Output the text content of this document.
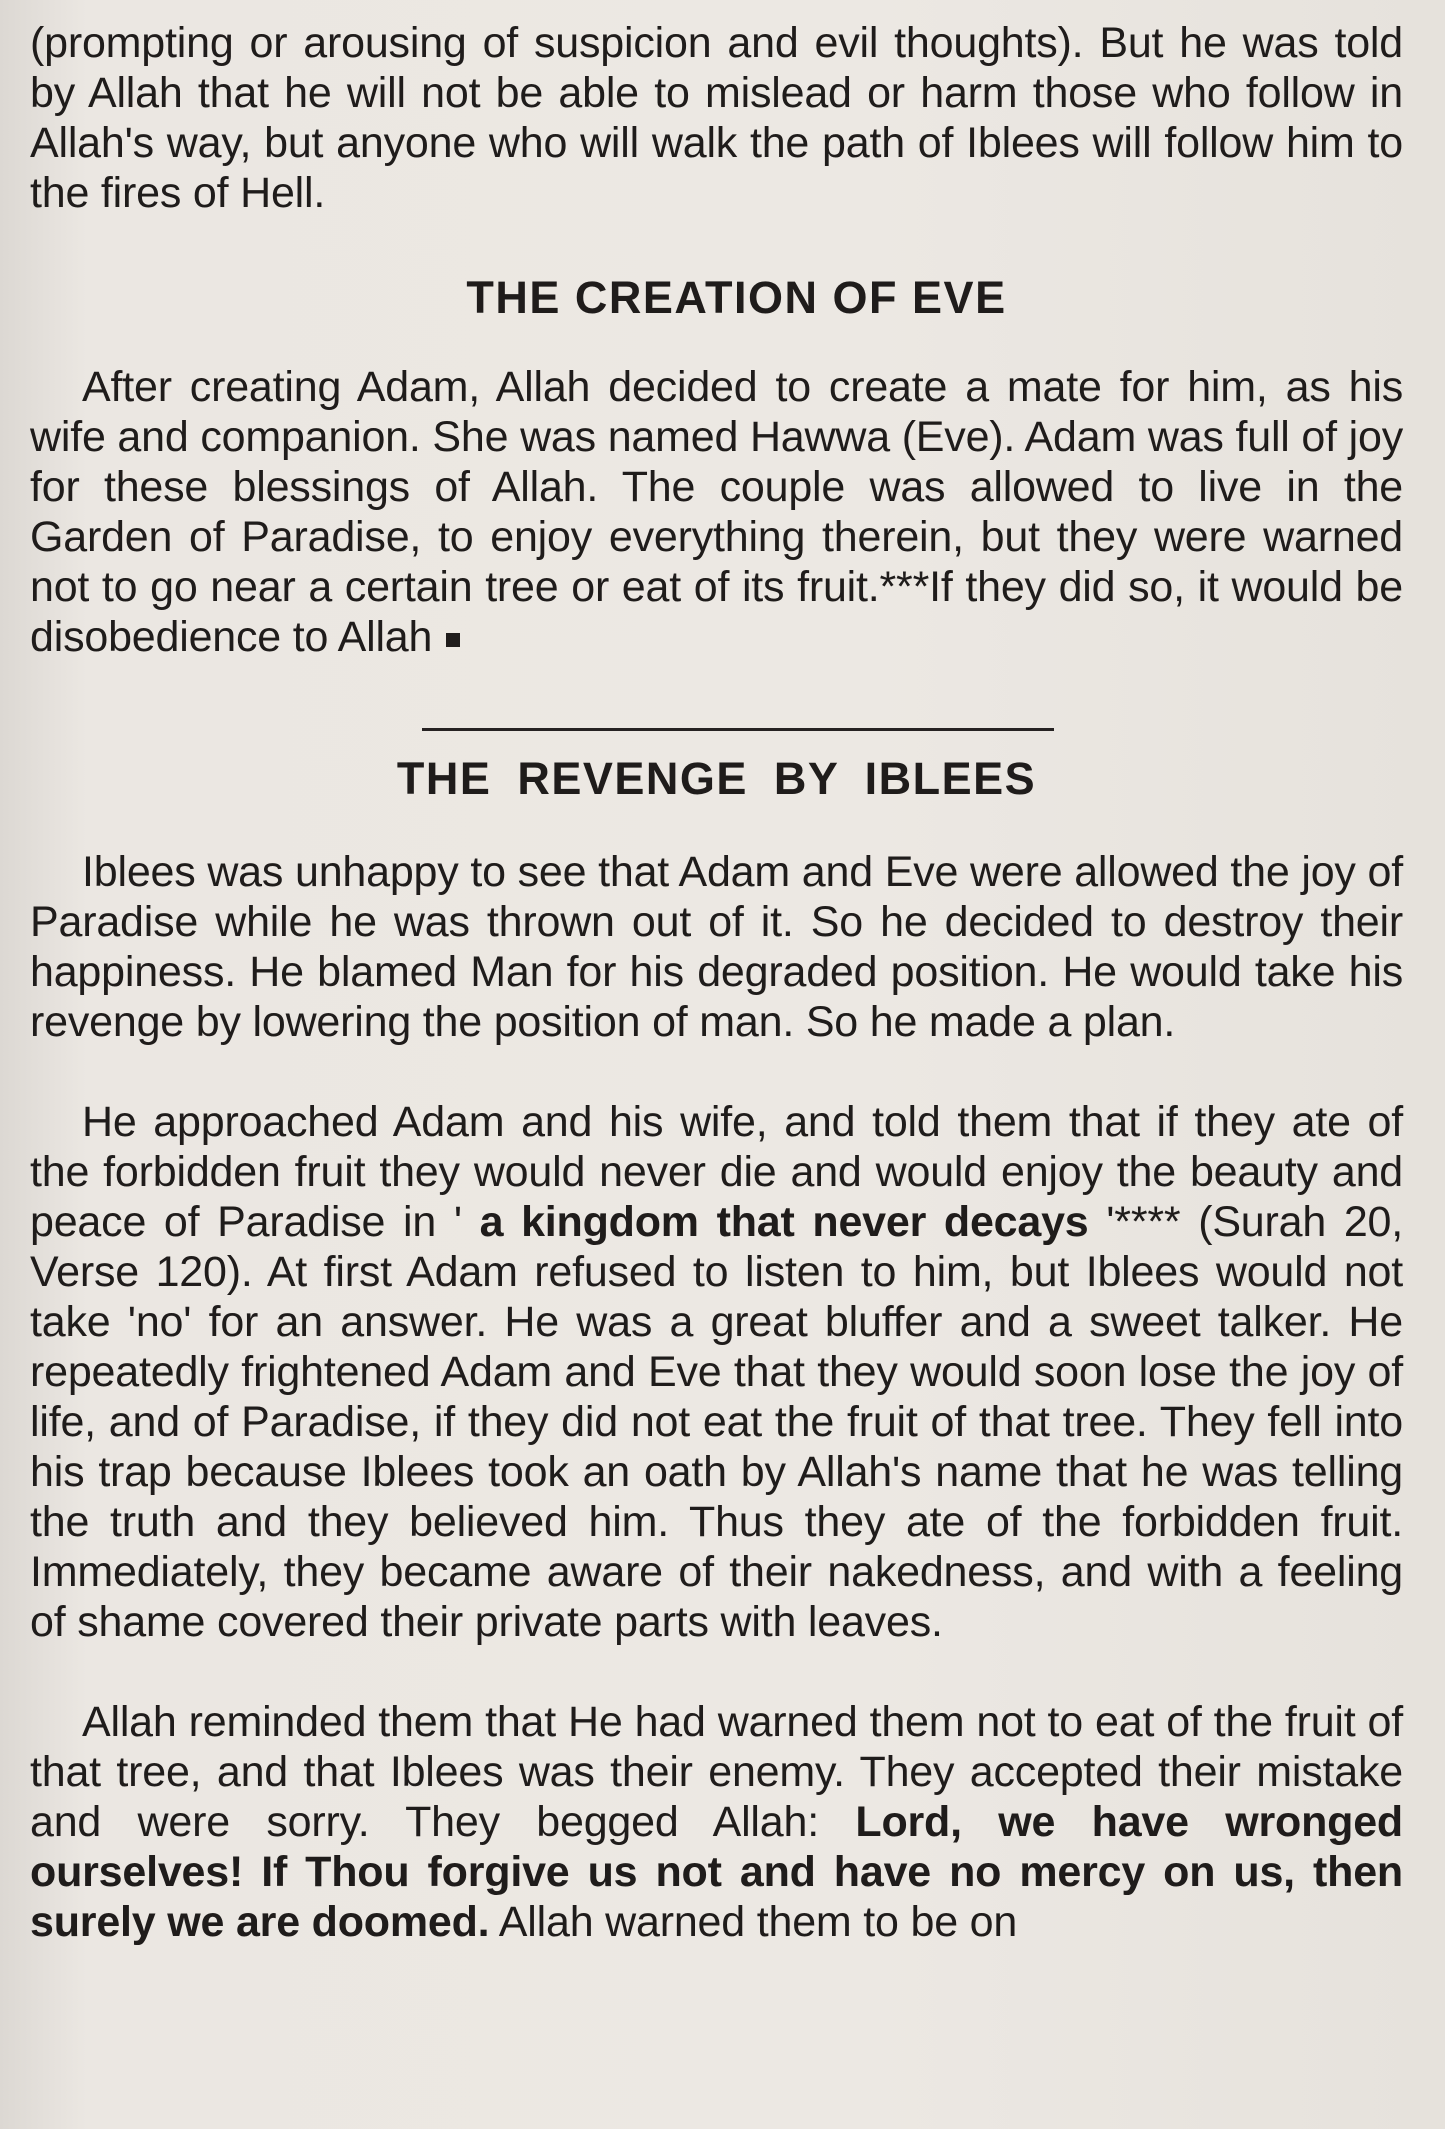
(prompting or arousing of suspicion and evil thoughts). But he was told by Allah that he will not be able to mislead or harm those who follow in Allah's way, but anyone who will walk the path of Iblees will follow him to the fires of Hell.

THE CREATION OF EVE

After creating Adam, Allah decided to create a mate for him, as his wife and companion. She was named Hawwa (Eve). Adam was full of joy for these blessings of Allah. The couple was allowed to live in the Garden of Paradise, to enjoy everything therein, but they were warned not to go near a certain tree or eat of its fruit.***If they did so, it would be disobedience to Allah

THE REVENGE BY IBLEES

Iblees was unhappy to see that Adam and Eve were allowed the joy of Paradise while he was thrown out of it. So he decided to destroy their happiness. He blamed Man for his degraded position. He would take his revenge by lowering the position of man. So he made a plan.

He approached Adam and his wife, and told them that if they ate of the forbidden fruit they would never die and would enjoy the beauty and peace of Paradise in ' a kingdom that never decays '**** (Surah 20, Verse 120). At first Adam refused to listen to him, but Iblees would not take 'no' for an answer. He was a great bluffer and a sweet talker. He repeatedly frightened Adam and Eve that they would soon lose the joy of life, and of Paradise, if they did not eat the fruit of that tree. They fell into his trap because Iblees took an oath by Allah's name that he was telling the truth and they believed him. Thus they ate of the forbidden fruit. Immediately, they became aware of their nakedness, and with a feeling of shame covered their private parts with leaves.

Allah reminded them that He had warned them not to eat of the fruit of that tree, and that Iblees was their enemy. They accepted their mistake and were sorry. They begged Allah: Lord, we have wronged ourselves! If Thou forgive us not and have no mercy on us, then surely we are doomed. Allah warned them to be on
